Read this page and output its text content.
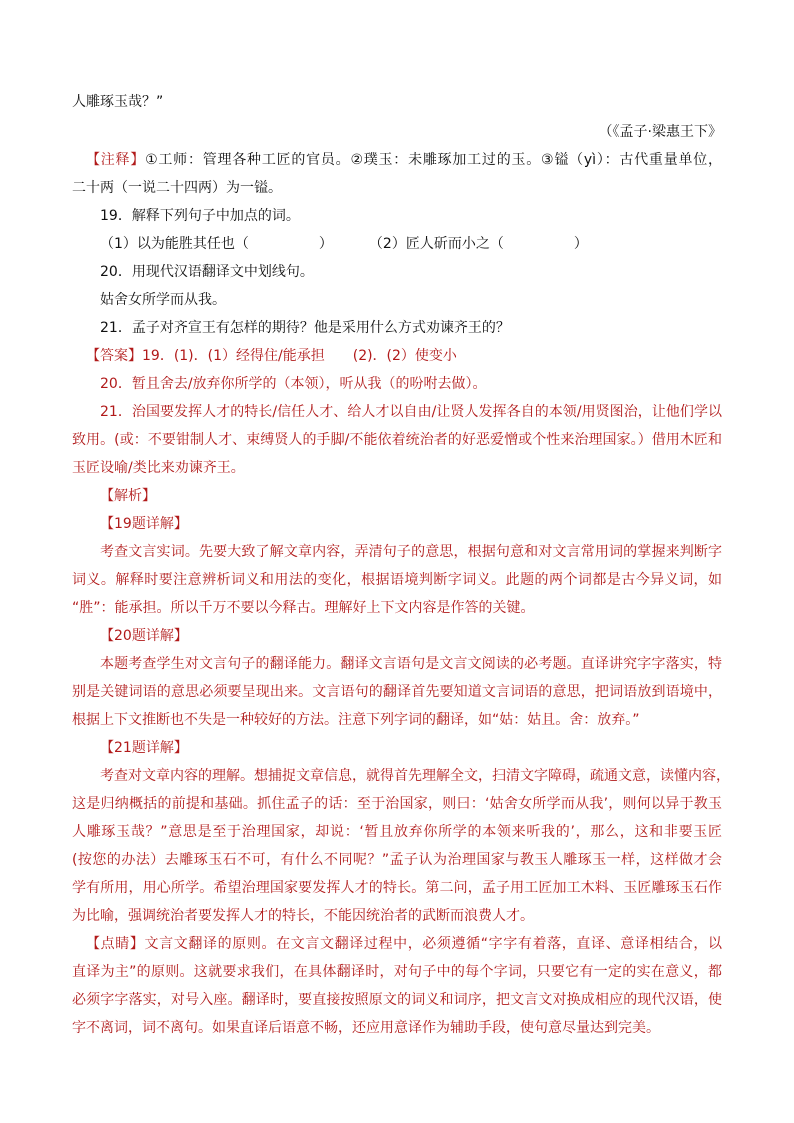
人雕琢玉哉？”
（《孟子·梁惠王下》
【注释】①工师：管理各种工匠的官员。②璞玉：未雕琢加工过的玉。③镒（yì）：古代重量单位，
二十两（一说二十四两）为一镒。
19．解释下列句子中加点的词。
（1）以为能胜其任也（	）	（2）匠人斫而小之（	）
20．用现代汉语翻译文中划线句。
姑舍女所学而从我。
21．孟子对齐宣王有怎样的期待？他是采用什么方式劝谏齐王的？
【答案】19．(1)．(1）经得住/能承担　　(2)．(2）使变小
20．暂且舍去/放弃你所学的（本领），听从我（的吩咐去做）。
21．治国要发挥人才的特长/信任人才、给人才以自由/让贤人发挥各自的本领/用贤图治，让他们学以
致用。(或：不要钳制人才、束缚贤人的手脚/不能依着统治者的好恶爱憎或个性来治理国家。）借用木匠和
玉匠设喻/类比来劝谏齐王。
【解析】
【19题详解】
考查文言实词。先要大致了解文章内容，弄清句子的意思，根据句意和对文言常用词的掌握来判断字
词义。解释时要注意辨析词义和用法的变化，根据语境判断字词义。此题的两个词都是古今异义词，如
“胜”：能承担。所以千万不要以今释古。理解好上下文内容是作答的关键。
【20题详解】
本题考查学生对文言句子的翻译能力。翻译文言语句是文言文阅读的必考题。直译讲究字字落实，特
别是关键词语的意思必须要呈现出来。文言语句的翻译首先要知道文言词语的意思，把词语放到语境中，
根据上下文推断也不失是一种较好的方法。注意下列字词的翻译，如“姑：姑且。舍：放弃。”
【21题详解】
考查对文章内容的理解。想捕捉文章信息，就得首先理解全文，扫清文字障碍，疏通文意，读懂内容，
这是归纳概括的前提和基础。抓住孟子的话：至于治国家，则曰：‘姑舍女所学而从我’，则何以异于教玉
人雕琢玉哉？”意思是至于治理国家，却说：‘暂且放弃你所学的本领来听我的’，那么，这和非要玉匠
(按您的办法）去雕琢玉石不可，有什么不同呢？”孟子认为治理国家与教玉人雕琢玉一样，这样做才会
学有所用，用心所学。希望治理国家要发挥人才的特长。第二问，孟子用工匠加工木料、玉匠雕琢玉石作
为比喻，强调统治者要发挥人才的特长，不能因统治者的武断而浪费人才。
【点睛】文言文翻译的原则。在文言文翻译过程中，必须遵循“字字有着落，直译、意译相结合，以
直译为主”的原则。这就要求我们，在具体翻译时，对句子中的每个字词，只要它有一定的实在意义，都
必须字字落实，对号入座。翻译时，要直接按照原文的词义和词序，把文言文对换成相应的现代汉语，使
字不离词，词不离句。如果直译后语意不畅，还应用意译作为辅助手段，使句意尽量达到完美。
